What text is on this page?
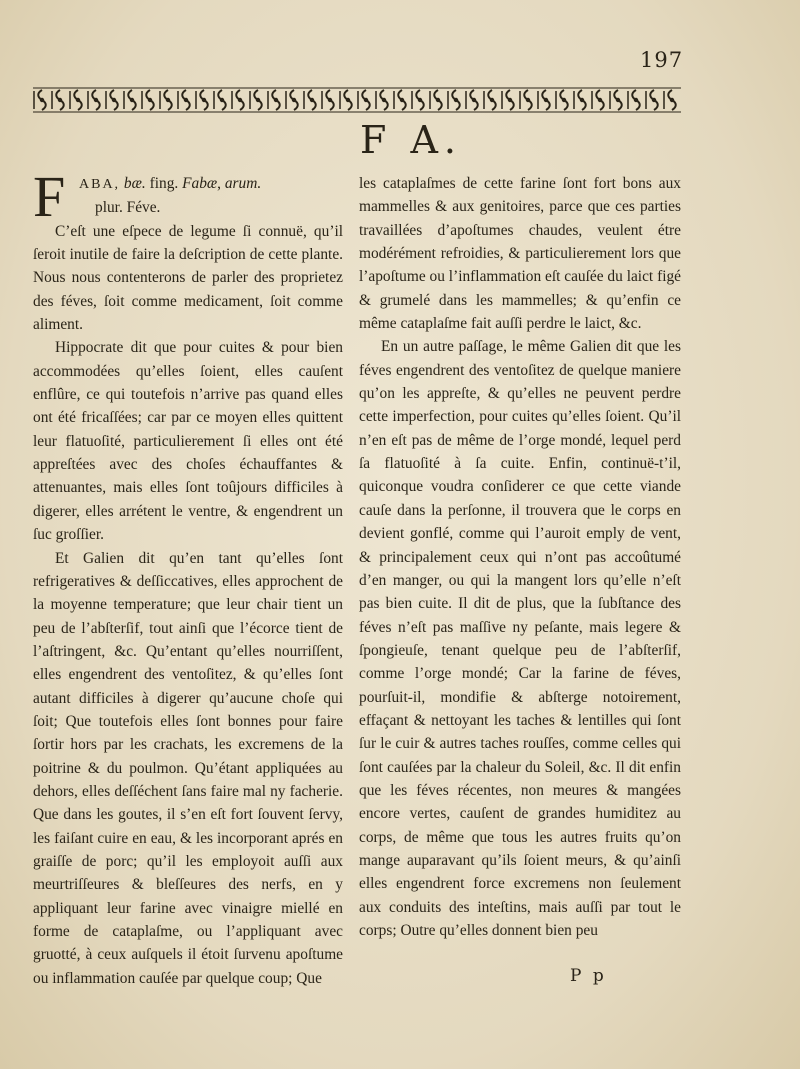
197
F A.
F ABA, bæ. fing. Fabæ, arum.
plur. Féve.

C’eſt une eſpece de legume ſi connuë, qu’il ſeroit inutile de faire la deſcription de cette plante. Nous nous contenterons de parler des proprietez des féves, ſoit comme medicament, ſoit comme aliment.

Hippocrate dit que pour cuites & pour bien accommodées qu’elles ſoient, elles cauſent enflûre, ce qui toutefois n’arrive pas quand elles ont été fricaſſées; car par ce moyen elles quittent leur flatuoſité, particulierement ſi elles ont été appreſtées avec des choſes échauffantes & attenuantes, mais elles ſont toûjours difficiles à digerer, elles arrétent le ventre, & engendrent un ſuc groſſier.

Et Galien dit qu’en tant qu’elles ſont refrigeratives & deſſiccatives, elles approchent de la moyenne temperature; que leur chair tient un peu de l’abſterſif, tout ainſi que l’écorce tient de l’aſtringent, &c. Qu’entant qu’elles nourriſſent, elles engendrent des ventoſitez, & qu’elles ſont autant difficiles à digerer qu’aucune choſe qui ſoit; Que toutefois elles ſont bonnes pour faire ſortir hors par les crachats, les excremens de la poitrine & du poulmon. Qu’étant appliquées au dehors, elles deſſéchent ſans faire mal ny facherie. Que dans les goutes, il s’en eſt fort ſouvent ſervy, les faiſant cuire en eau, & les incorporant aprés en graiſſe de porc; qu’il les employoit auſſi aux meurtriſſeures & bleſſeures des nerfs, en y appliquant leur farine avec vinaigre miellé en forme de cataplaſme, ou l’appliquant avec gruotté, à ceux auſquels il étoit ſurvenu apoſtume ou inflammation cauſée par quelque coup; Que

les cataplaſmes de cette farine ſont fort bons aux mammelles & aux genitoires, parce que ces parties travaillées d’apoſtumes chaudes, veulent étre modérément refroidies, & particulierement lors que l’apoſtume ou l’inflammation eſt cauſée du laict figé & grumelé dans les mammelles; & qu’enfin ce même cataplaſme fait auſſi perdre le laict, &c.

En un autre paſſage, le même Galien dit que les féves engendrent des ventoſitez de quelque maniere qu’on les appreſte, & qu’elles ne peuvent perdre cette imperfection, pour cuites qu’elles ſoient. Qu’il n’en eſt pas de même de l’orge mondé, lequel perd ſa flatuoſité à ſa cuite. Enfin, continuë-t’il, quiconque voudra conſiderer ce que cette viande cauſe dans la perſonne, il trouvera que le corps en devient gonflé, comme qui l’auroit emply de vent, & principalement ceux qui n’ont pas accoûtumé d’en manger, ou qui la mangent lors qu’elle n’eſt pas bien cuite. Il dit de plus, que la ſubſtance des féves n’eſt pas maſſive ny peſante, mais legere & ſpongieuſe, tenant quelque peu de l’abſterſif, comme l’orge mondé; Car la farine de féves, pourſuit-il, mondifie & abſterge notoirement, effaçant & nettoyant les taches & lentilles qui ſont ſur le cuir & autres taches rouſſes, comme celles qui ſont cauſées par la chaleur du Soleil, &c. Il dit enfin que les féves récentes, non meures & mangées encore vertes, cauſent de grandes humiditez au corps, de même que tous les autres fruits qu’on mange auparavant qu’ils ſoient meurs, & qu’ainſi elles engendrent force excremens non ſeulement aux conduits des inteſtins, mais auſſi par tout le corps; Outre qu’elles donnent bien peu

P p
